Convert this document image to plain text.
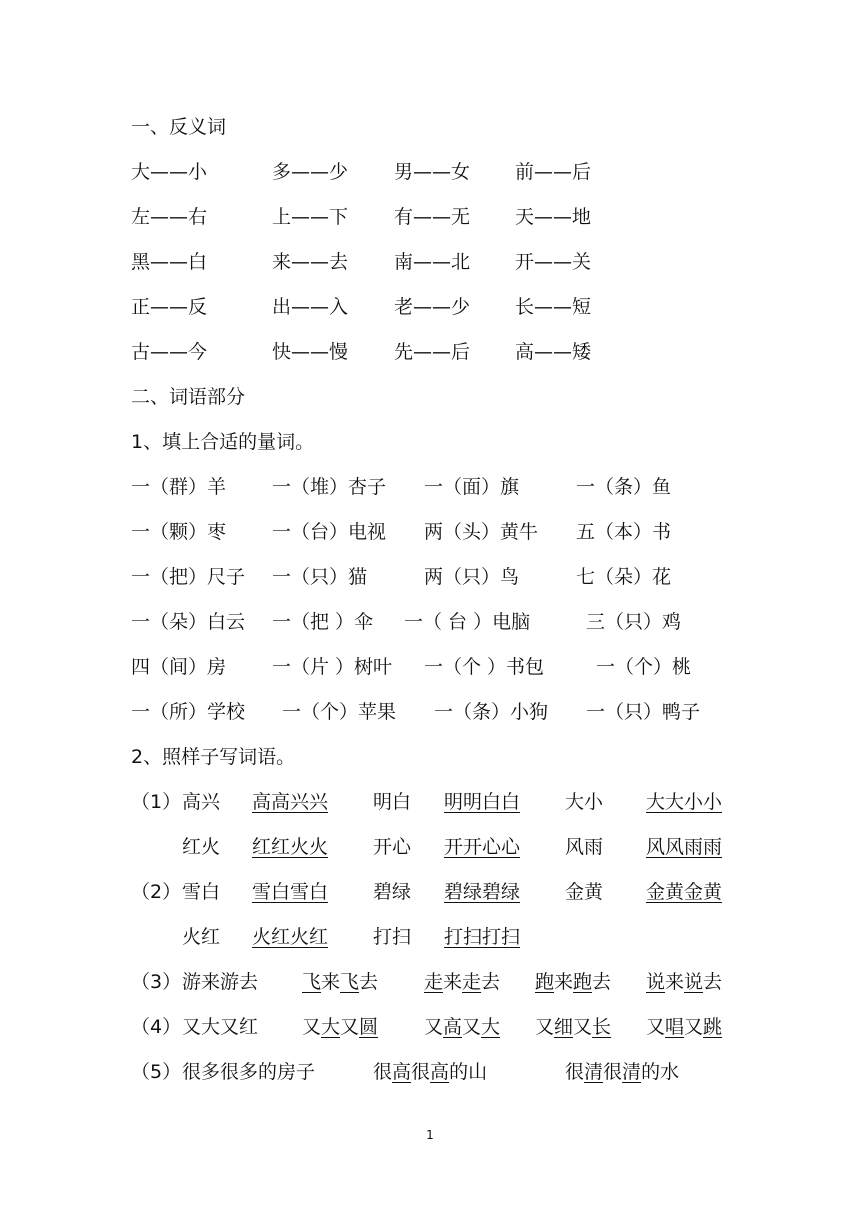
一、反义词
大——小	多——少 男——女 前——后
左——右	上——下 有——无 天——地
黑——白	来——去 南——北 开——关
正——反	出——入 老——少 长——短
古——今	快——慢 先——后 高——矮
二、词语部分
1、填上合适的量词。
一（群）羊 一（堆）杏子 一（面）旗	一（条）鱼
一（颗）枣 一（台）电视 两（头）黄牛 五（本）书
一（把）尺子 一（只）猫	两（只）鸟	七（朵）花
一（朵）白云 一（把 ）伞 一（ 台 ）电脑	三（只）鸡
四（间）房 一（片 ）树叶 一（个 ）书包	一（个）桃
一（所）学校 一（个）苹果 一（条）小狗 一（只）鸭子
2、照样子写词语。
（1） 高兴 高高兴兴 明白 明明白白 大小 大大小小
红火 红红火火 开心 开开心心 风雨 风风雨雨
（2） 雪白 雪白雪白 碧绿 碧绿碧绿 金黄 金黄金黄
火红 火红火红 打扫 打扫打扫
（3） 游来游去 飞来飞去 走来走去 跑来跑去 说来说去
（4） 又大又红 又大又圆 又高又大 又细又长 又唱又跳
（5） 很多很多的房子	很高很高的山	很清很清的水
1
